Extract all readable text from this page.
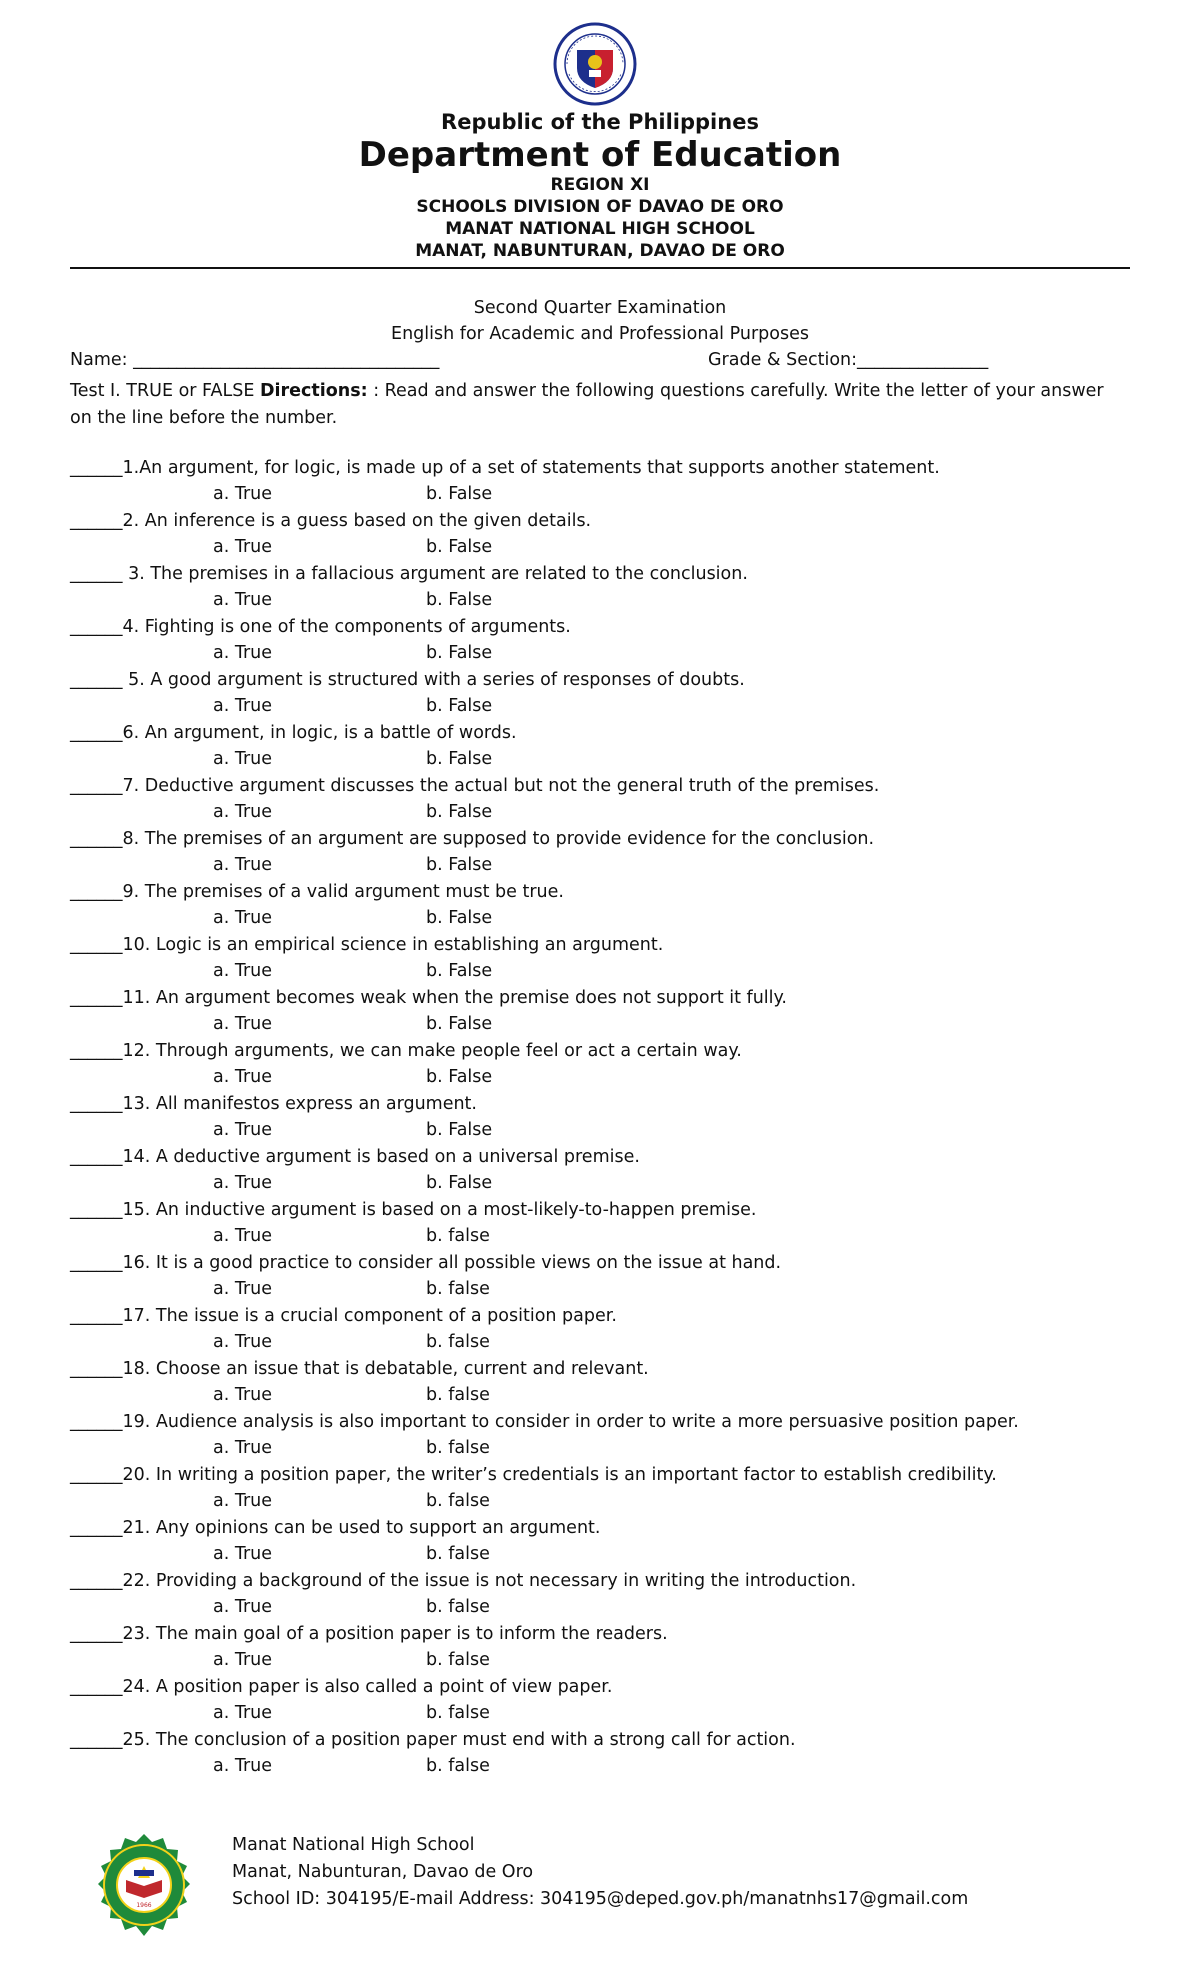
Republic of the Philippines
Department of Education
REGION XI
SCHOOLS DIVISION OF DAVAO DE ORO
MANAT NATIONAL HIGH SCHOOL
MANAT, NABUNTURAN, DAVAO DE ORO
Second Quarter Examination
English for Academic and Professional Purposes
Name: ___________________________________	Grade & Section:_______________
Test I. TRUE or FALSE Directions: : Read and answer the following questions carefully. Write the letter of your answer on the line before the number.
______1.An argument, for logic, is made up of a set of statements that supports another statement.
a. True	b. False
______2. An inference is a guess based on the given details.
a. True	b. False
______ 3. The premises in a fallacious argument are related to the conclusion.
a. True	b. False
______4. Fighting is one of the components of arguments.
a. True	b. False
______ 5. A good argument is structured with a series of responses of doubts.
a. True	b. False
______6. An argument, in logic, is a battle of words.
a. True	b. False
______7. Deductive argument discusses the actual but not the general truth of the premises.
a. True	b. False
______8. The premises of an argument are supposed to provide evidence for the conclusion.
a. True	b. False
______9. The premises of a valid argument must be true.
a. True	b. False
______10. Logic is an empirical science in establishing an argument.
a. True	b. False
______11. An argument becomes weak when the premise does not support it fully.
a. True	b. False
______12. Through arguments, we can make people feel or act a certain way.
a. True	b. False
______13. All manifestos express an argument.
a. True	b. False
______14. A deductive argument is based on a universal premise.
a. True	b. False
______15. An inductive argument is based on a most-likely-to-happen premise.
a. True	b. false
______16. It is a good practice to consider all possible views on the issue at hand.
a. True	b. false
______17. The issue is a crucial component of a position paper.
a. True	b. false
______18. Choose an issue that is debatable, current and relevant.
a. True	b. false
______19. Audience analysis is also important to consider in order to write a more persuasive position paper.
a. True	b. false
______20. In writing a position paper, the writer’s credentials is an important factor to establish credibility.
a. True	b. false
______21. Any opinions can be used to support an argument.
a. True	b. false
______22. Providing a background of the issue is not necessary in writing the introduction.
a. True	b. false
______23. The main goal of a position paper is to inform the readers.
a. True	b. false
______24. A position paper is also called a point of view paper.
a. True	b. false
______25. The conclusion of a position paper must end with a strong call for action.
a. True	b. false
1966
Manat National High School
Manat, Nabunturan, Davao de Oro
School ID: 304195/E-mail Address: 304195@deped.gov.ph/manatnhs17@gmail.com
